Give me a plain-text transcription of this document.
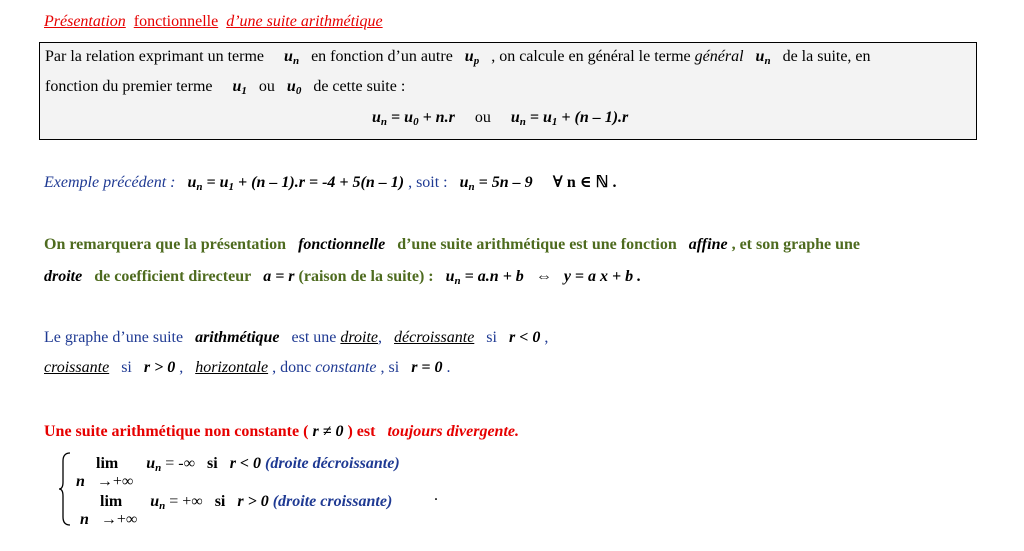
Présentation fonctionnelle d’une suite arithmétique
Par la relation exprimant un terme $u_n$ en fonction d’un autre $u_p$ , on calcule en général le terme général $u_n$ de la suite, en
fonction du premier terme $u_1$ ou $u_0$ de cette suite :
$u_n = u_0 + n.r$ ou $u_n = u_1 + (n - 1).r$
Exemple précédent : $u_n = u_1 + (n - 1).r = -4 + 5(n - 1)$ , soit : $u_n = 5n - 9$ ∀ n ∈ ℕ .
On remarquera que la présentation fonctionnelle d’une suite arithmétique est une fonction affine , et son graphe une
droite de coefficient directeur a = r (raison de la suite) : $u_n = a.n + b$ ⇔ y = a x + b .
Le graphe d’une suite arithmétique est une droite, décroissante si r < 0 ,
croissante si r > 0 , horizontale , donc constante , si r = 0 .
Une suite arithmétique non constante ( r ≠ 0 ) est toujours divergente.
$\lim u_n$ = -∞ si r < 0 (droite décroissante)
n →+∞
$\lim u_n$ = +∞ si r > 0 (droite croissante)
n →+∞
.
